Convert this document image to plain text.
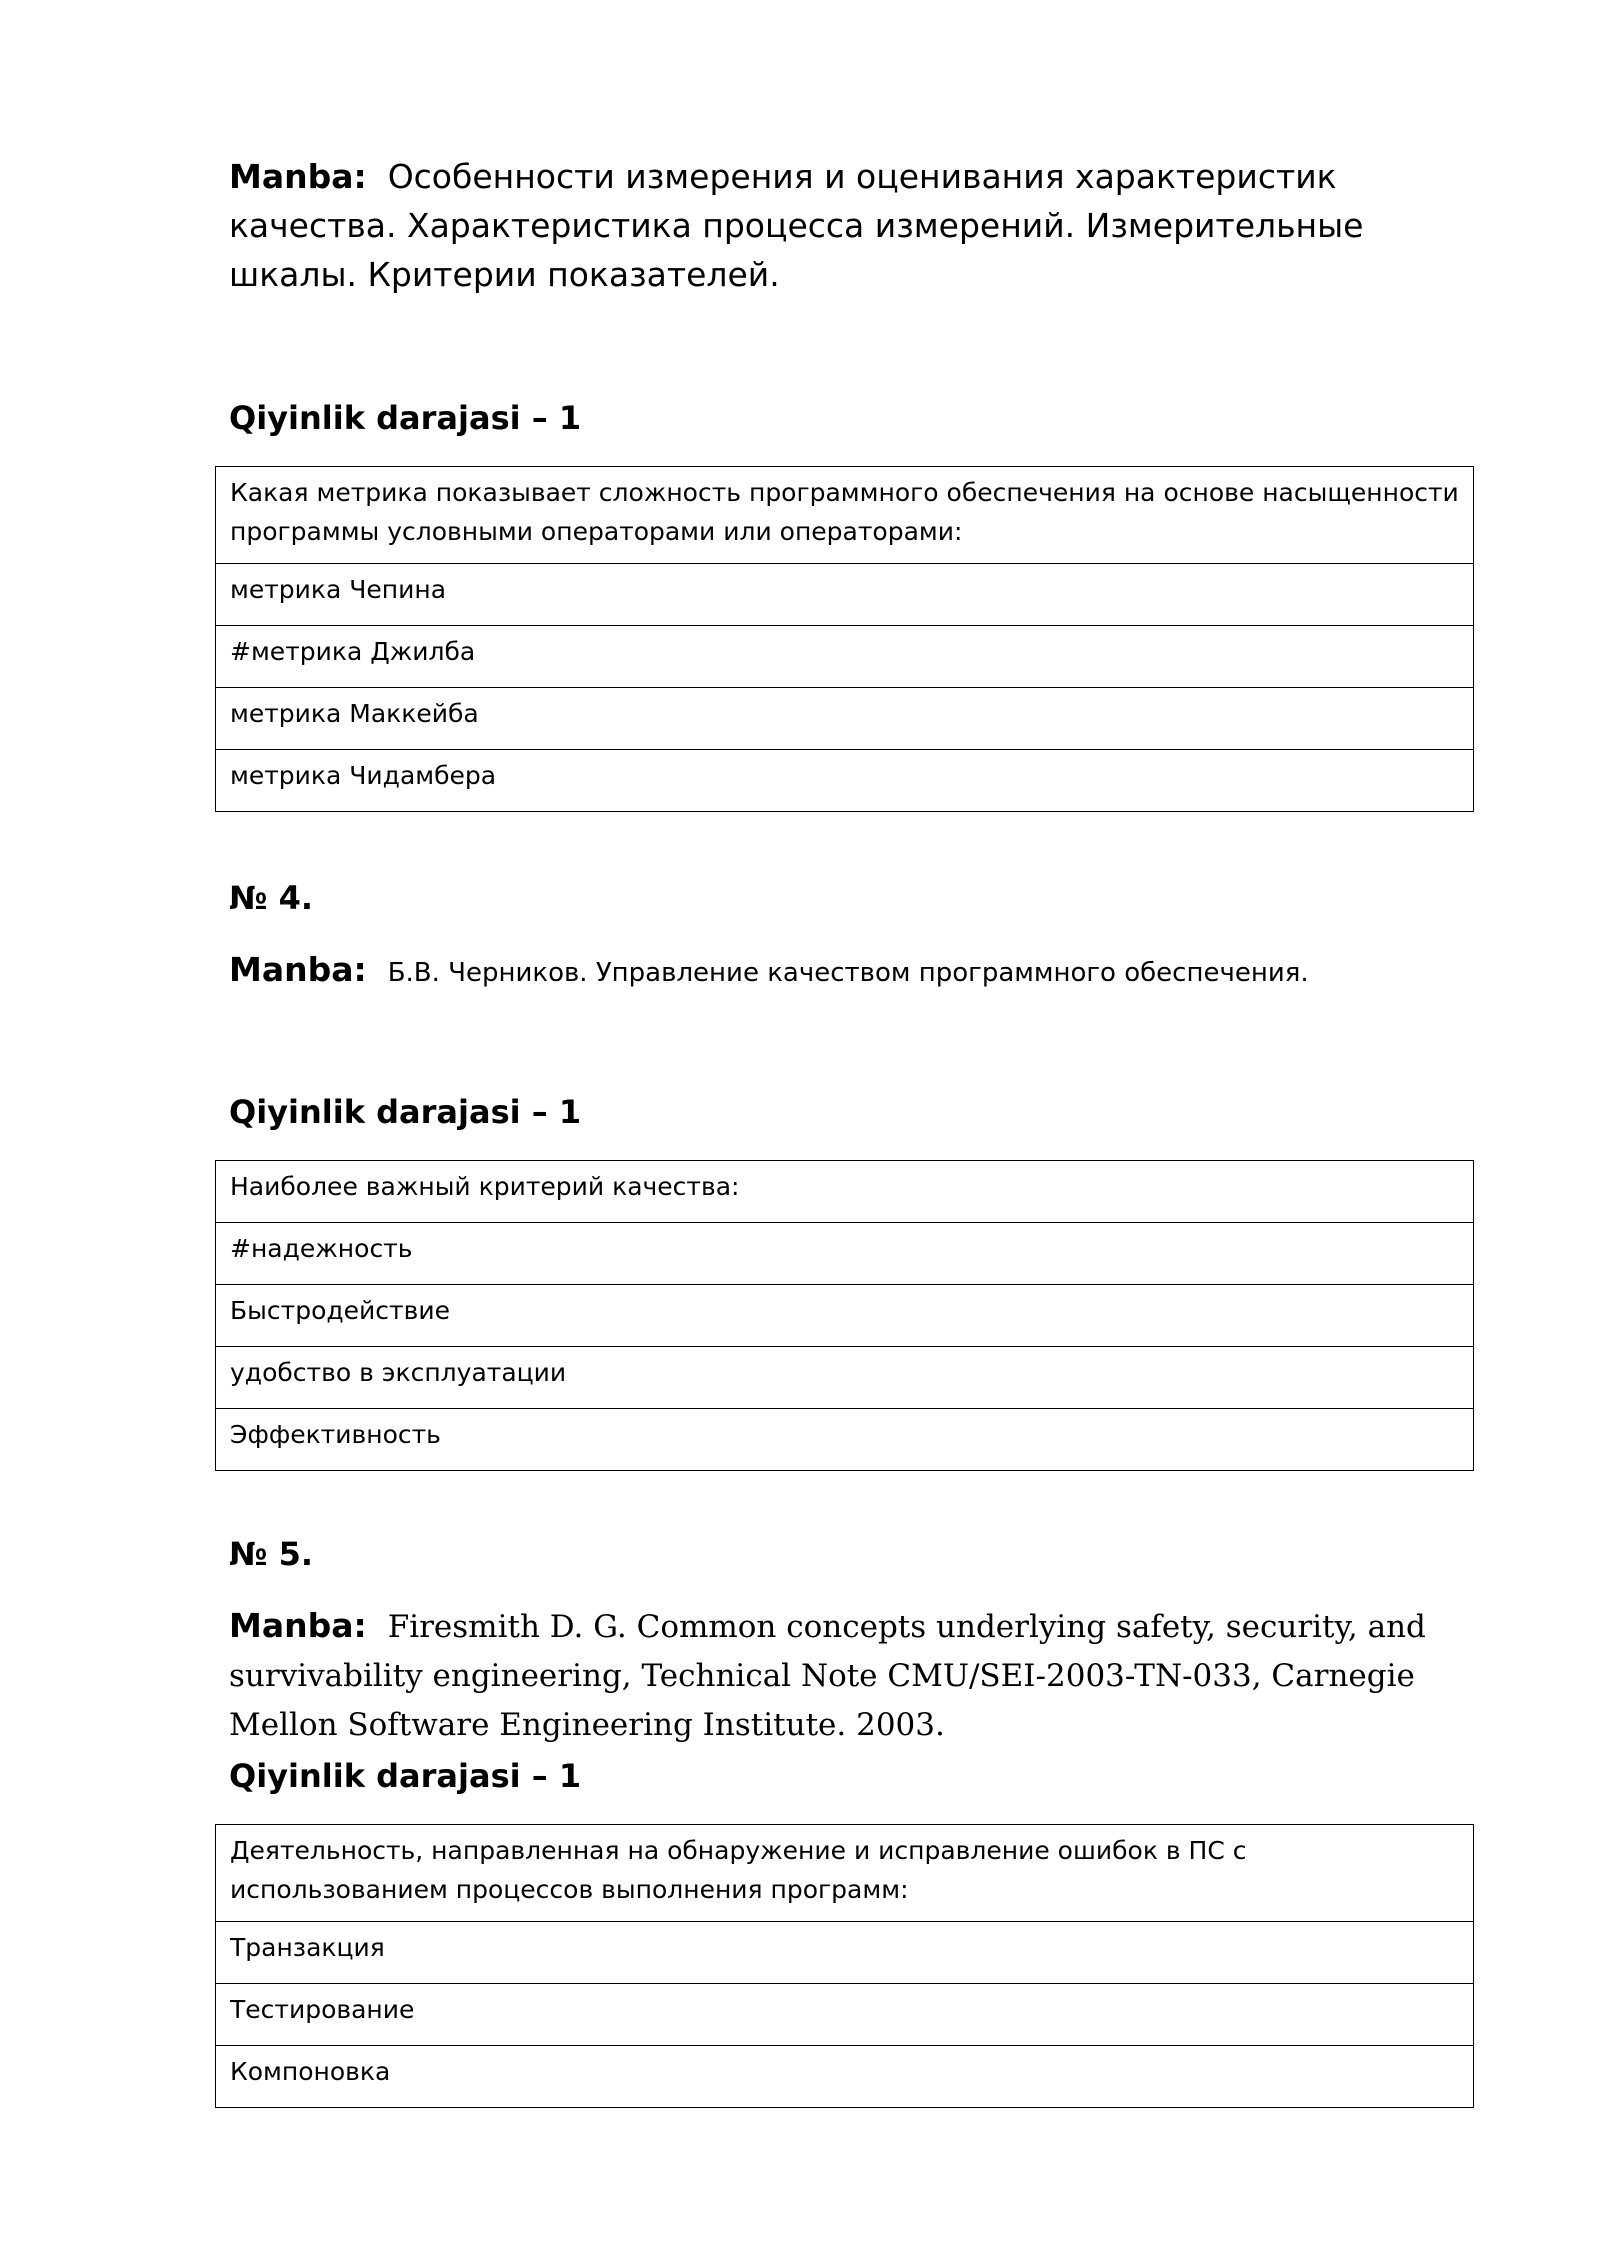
Manba: Особенности измерения и оценивания характеристик качества. Характеристика процесса измерений. Измерительные шкалы. Критерии показателей.
Qiyinlik darajasi – 1
Какая метрика показывает сложность программного обеспечения на основе насыщенности программы условными операторами или операторами:
метрика Чепина
#метрика Джилба
метрика Маккейба
метрика Чидамбера
№ 4.
Manba: Б.В. Черников. Управление качеством программного обеспечения.
Qiyinlik darajasi – 1
Наиболее важный критерий качества:
#надежность
Быстродействие
удобство в эксплуатации
Эффективность
№ 5.
Manba: Firesmith D. G. Common concepts underlying safety, security, and survivability engineering, Technical Note CMU/SEI-2003-TN-033, Carnegie Mellon Software Engineering Institute. 2003.
Qiyinlik darajasi – 1
Деятельность, направленная на обнаружение и исправление ошибок в ПС с использованием процессов выполнения программ:
Транзакция
Тестирование
Компоновка
